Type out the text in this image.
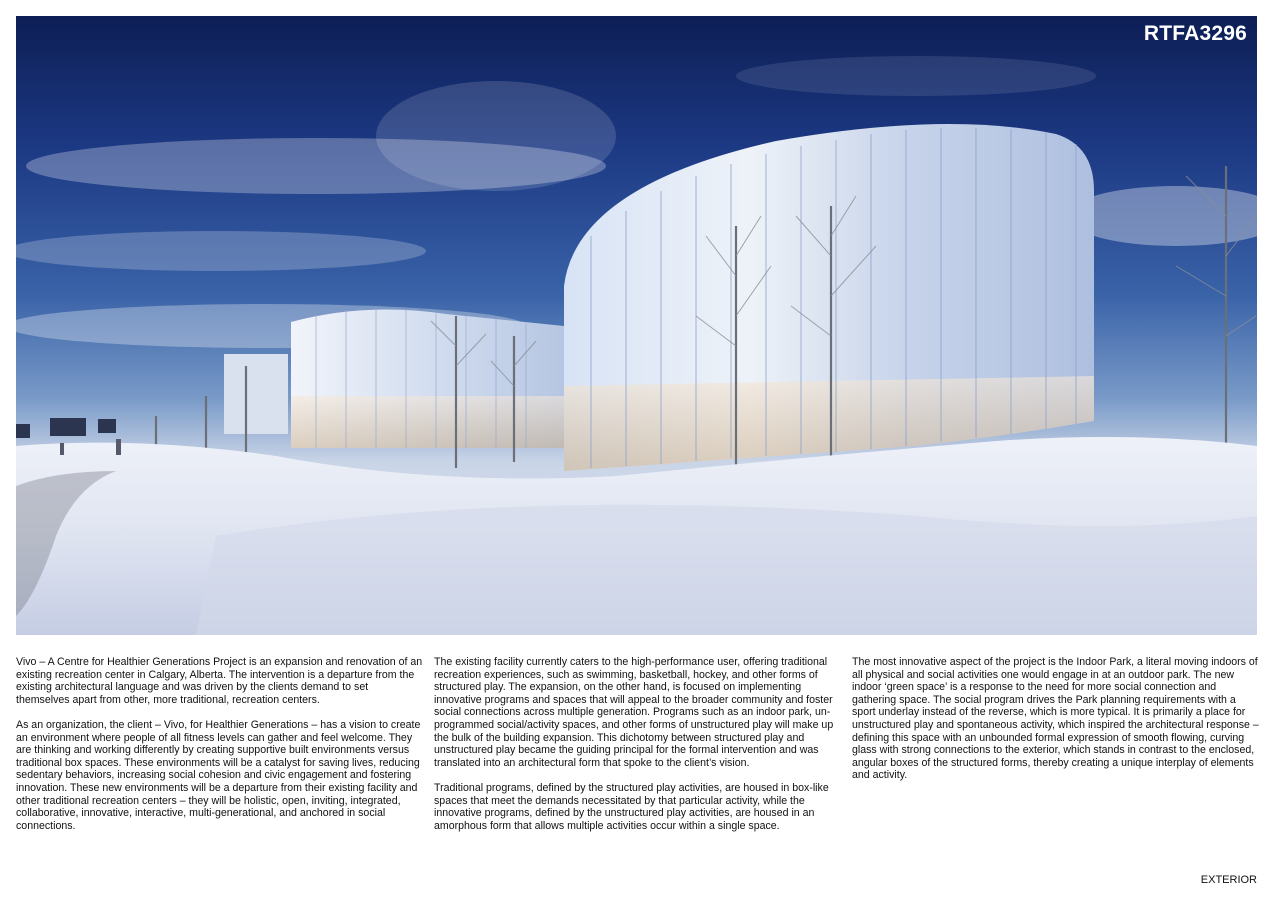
RTFA3296

Vivo – A Centre for Healthier Generations Project is an expansion and renovation of an existing recreation center in Calgary, Alberta. The intervention is a departure from the existing architectural language and was driven by the clients demand to set themselves apart from other, more traditional, recreation centers.

As an organization, the client – Vivo, for Healthier Generations – has a vision to create an environment where people of all fitness levels can gather and feel welcome. They are thinking and working differently by creating supportive built environments versus traditional box spaces. These environments will be a catalyst for saving lives, reducing sedentary behaviors, increasing social cohesion and civic engagement and fostering innovation. These new environments will be a departure from their existing facility and other traditional recreation centers – they will be holistic, open, inviting, integrated, collaborative, innovative, interactive, multi-generational, and anchored in social connections.

The existing facility currently caters to the high-performance user, offering traditional recreation experiences, such as swimming, basketball, hockey, and other forms of structured play. The expansion, on the other hand, is focused on implementing innovative programs and spaces that will appeal to the broader community and foster social connections across multiple generation. Programs such as an indoor park, un-programmed social/activity spaces, and other forms of unstructured play will make up the bulk of the building expansion. This dichotomy between structured play and unstructured play became the guiding principal for the formal intervention and was translated into an architectural form that spoke to the client’s vision.

Traditional programs, defined by the structured play activities, are housed in box-like spaces that meet the demands necessitated by that particular activity, while the innovative programs, defined by the unstructured play activities, are housed in an amorphous form that allows multiple activities occur within a single space.

The most innovative aspect of the project is the Indoor Park, a literal moving indoors of all physical and social activities one would engage in at an outdoor park. The new indoor ‘green space’ is a response to the need for more social connection and gathering space. The social program drives the Park planning requirements with a sport underlay instead of the reverse, which is more typical. It is primarily a place for unstructured play and spontaneous activity, which inspired the architectural response – defining this space with an unbounded formal expression of smooth flowing, curving glass with strong connections to the exterior, which stands in contrast to the enclosed, angular boxes of the structured forms, thereby creating a unique interplay of elements and activity.

EXTERIOR
